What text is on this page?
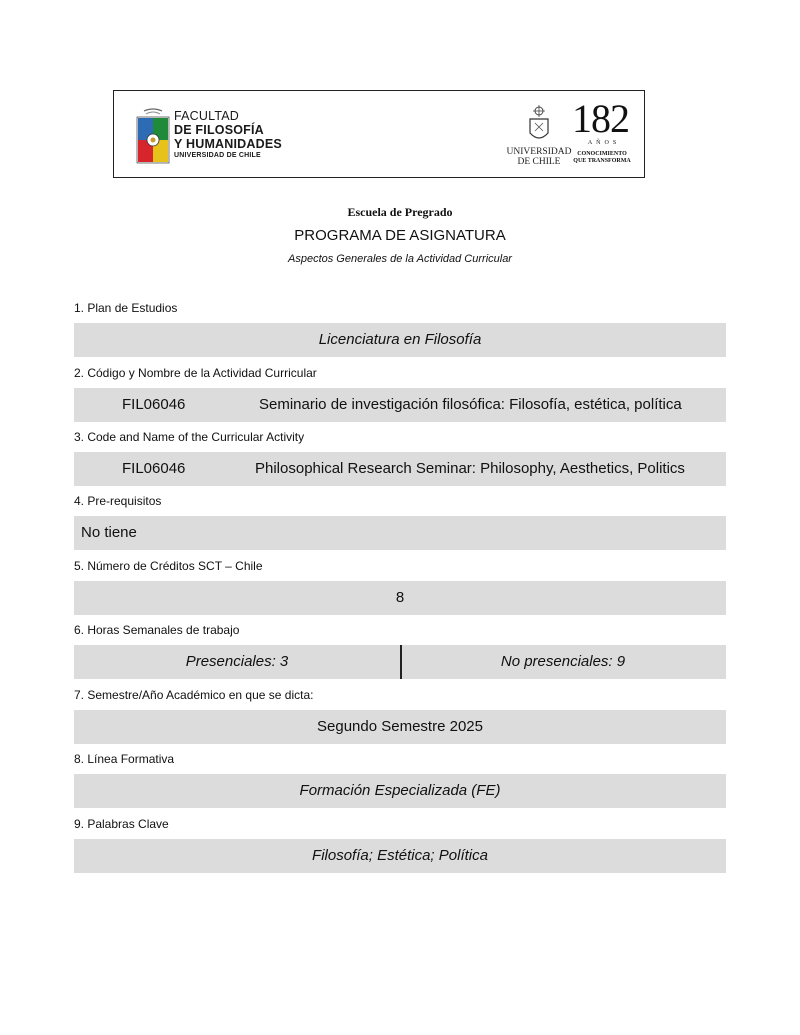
FACULTAD
DE FILOSOFÍA
Y HUMANIDADES
UNIVERSIDAD DE CHILE	UNIVERSIDAD
DE CHILE
182
AÑOS
CONOCIMIENTO
QUE TRANSFORMA
Escuela de Pregrado
PROGRAMA DE ASIGNATURA
Aspectos Generales de la Actividad Curricular
1. Plan de Estudios
Licenciatura en Filosofía
2. Código y Nombre de la Actividad Curricular
FIL06046	Seminario de investigación filosófica: Filosofía, estética, política
3. Code and Name of the Curricular Activity
FIL06046	Philosophical Research Seminar: Philosophy, Aesthetics, Politics
4. Pre-requisitos
No tiene
5. Número de Créditos SCT – Chile
8
6. Horas Semanales de trabajo
Presenciales: 3	No presenciales: 9
7. Semestre/Año Académico en que se dicta:
Segundo Semestre 2025
8. Línea Formativa
Formación Especializada (FE)
9. Palabras Clave
Filosofía; Estética; Política
